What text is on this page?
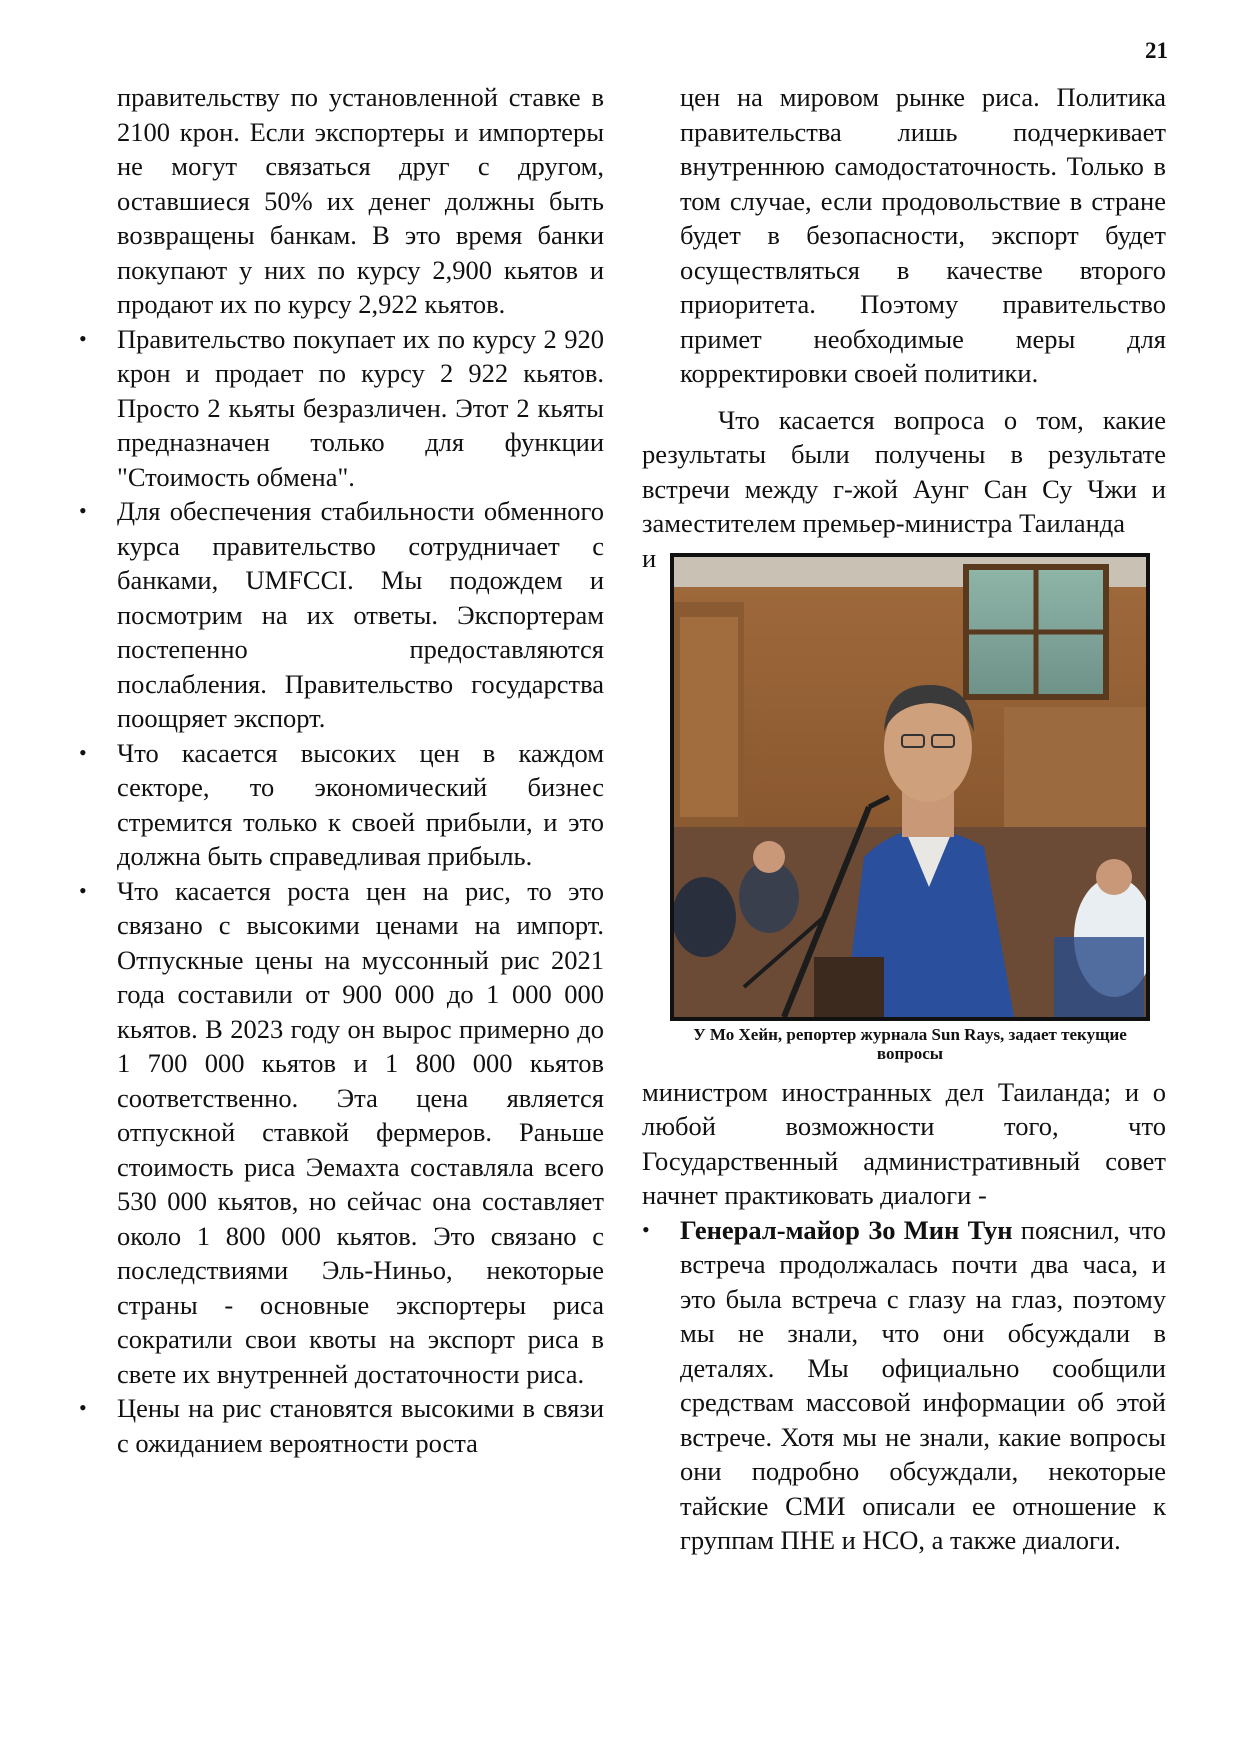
21

правительству по установленной ставке в 2100 крон. Если экспортеры и импортеры не могут связаться друг с другом, оставшиеся 50% их денег должны быть возвращены банкам. В это время банки покупают у них по курсу 2,900 кьятов и продают их по курсу 2,922 кьятов.

• Правительство покупает их по курсу 2 920 крон и продает по курсу 2 922 кьятов. Просто 2 кьяты безразличен. Этот 2 кьяты предназначен только для функции "Стоимость обмена".
• Для обеспечения стабильности обменного курса правительство сотрудничает с банками, UMFCCI. Мы подождем и посмотрим на их ответы. Экспортерам постепенно предоставляются послабления. Правительство государства поощряет экспорт.
• Что касается высоких цен в каждом секторе, то экономический бизнес стремится только к своей прибыли, и это должна быть справедливая прибыль.
• Что касается роста цен на рис, то это связано с высокими ценами на импорт. Отпускные цены на муссонный рис 2021 года составили от 900 000 до 1 000 000 кьятов. В 2023 году он вырос примерно до 1 700 000 кьятов и 1 800 000 кьятов соответственно. Эта цена является отпускной ставкой фермеров. Раньше стоимость риса Эемахта составляла всего 530 000 кьятов, но сейчас она составляет около 1 800 000 кьятов. Это связано с последствиями Эль-Ниньо, некоторые страны - основные экспортеры риса сократили свои квоты на экспорт риса в свете их внутренней достаточности риса.
• Цены на рис становятся высокими в связи с ожиданием вероятности роста

цен на мировом рынке риса. Политика правительства лишь подчеркивает внутреннюю самодостаточность. Только в том случае, если продовольствие в стране будет в безопасности, экспорт будет осуществляться в качестве второго приоритета. Поэтому правительство примет необходимые меры для корректировки своей политики.

Что касается вопроса о том, какие результаты были получены в результате встречи между г-жой Аунг Сан Су Чжи и заместителем премьер-министра Таиланда

и
У Мо Хейн, репортер журнала Sun Rays, задает текущие вопросы

министром иностранных дел Таиланда; и о любой возможности того, что Государственный административный совет начнет практиковать диалоги -

• Генерал-майор Зо Мин Тун пояснил, что встреча продолжалась почти два часа, и это была встреча с глазу на глаз, поэтому мы не знали, что они обсуждали в деталях. Мы официально сообщили средствам массовой информации об этой встрече. Хотя мы не знали, какие вопросы они подробно обсуждали, некоторые тайские СМИ описали ее отношение к группам ПНЕ и НСО, а также диалоги.
